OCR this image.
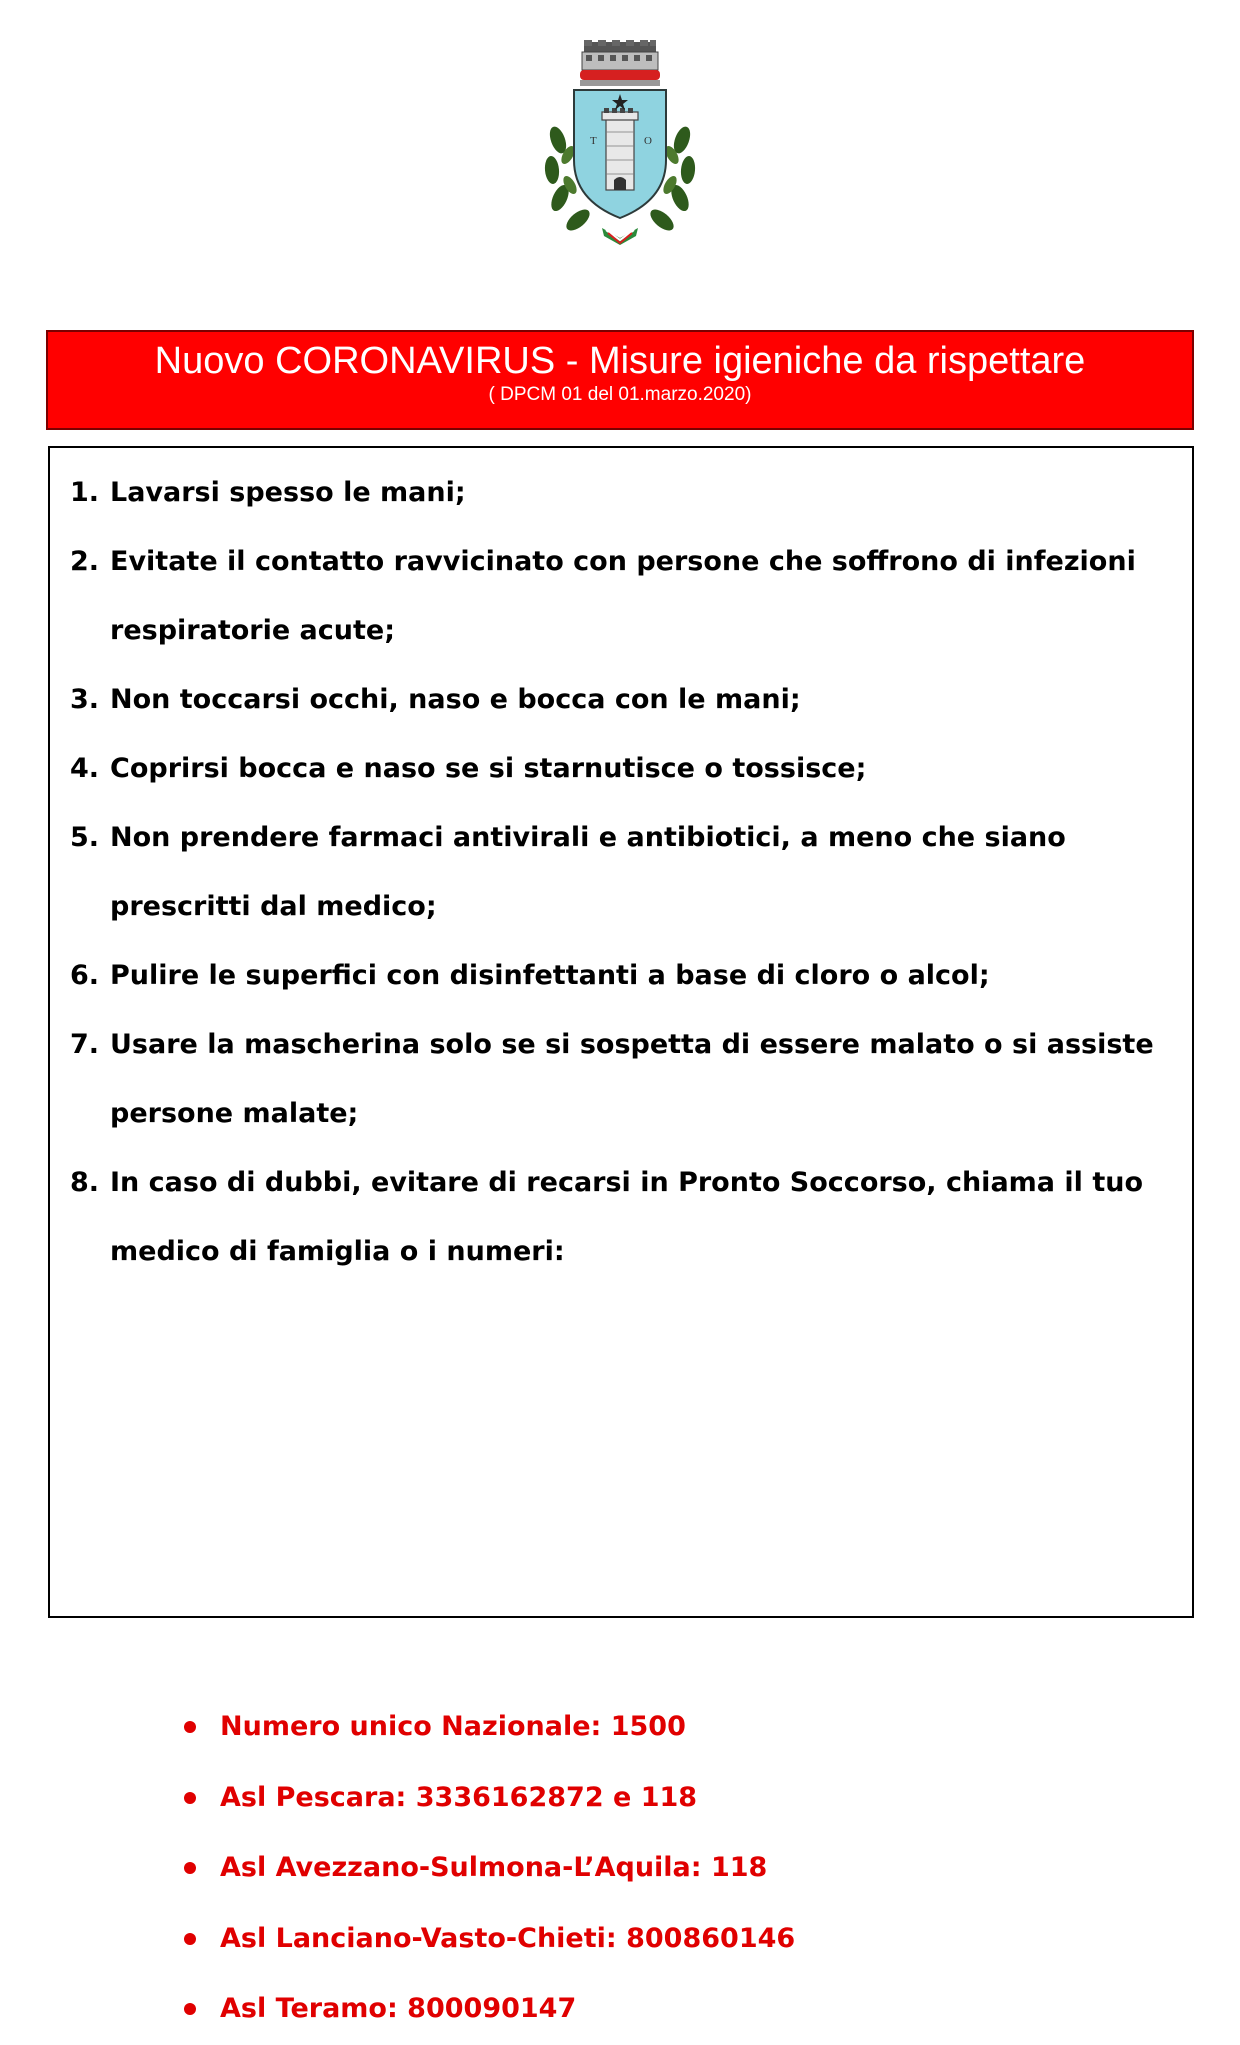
T	O
Nuovo CORONAVIRUS - Misure igieniche da rispettare
( DPCM 01 del 01.marzo.2020)
1. Lavarsi spesso le mani;
2. Evitate il contatto ravvicinato con persone che soffrono di infezioni
respiratorie acute;
3. Non toccarsi occhi, naso e bocca con le mani;
4. Coprirsi bocca e naso se si starnutisce o tossisce;
5. Non prendere farmaci antivirali e antibiotici, a meno che siano
prescritti dal medico;
6. Pulire le superfici con disinfettanti a base di cloro o alcol;
7. Usare la mascherina solo se si sospetta di essere malato o si assiste
persone malate;
8. In caso di dubbi, evitare di recarsi in Pronto Soccorso, chiama il tuo
medico di famiglia o i numeri:
Numero unico Nazionale: 1500
Asl Pescara: 3336162872 e 118
Asl Avezzano-Sulmona-L’Aquila: 118
Asl Lanciano-Vasto-Chieti: 800860146
Asl Teramo: 800090147
